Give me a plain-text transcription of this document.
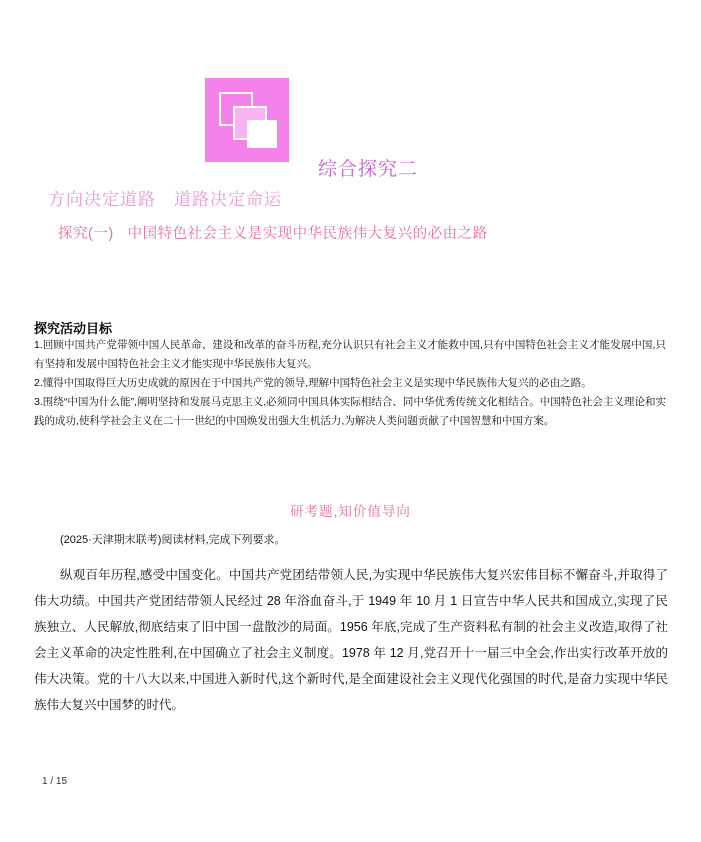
综合探究二
方向决定道路　道路决定命运
探究(一) 中国特色社会主义是实现中华民族伟大复兴的必由之路
探究活动目标

1.回顾中国共产党带领中国人民革命、建设和改革的奋斗历程,充分认识只有社会主义才能救中国,只有中国特色社会主义才能发展中国,只有坚持和发展中国特色社会主义才能实现中华民族伟大复兴。

2.懂得中国取得巨大历史成就的原因在于中国共产党的领导,理解中国特色社会主义是实现中华民族伟大复兴的必由之路。

3.围绕“中国为什么能”,阐明坚持和发展马克思主义,必须同中国具体实际相结合、同中华优秀传统文化相结合。中国特色社会主义理论和实践的成功,使科学社会主义在二十一世纪的中国焕发出强大生机活力,为解决人类问题贡献了中国智慧和中国方案。

研考题,知价值导向
(2025·天津期末联考)阅读材料,完成下列要求。
纵观百年历程,感受中国变化。中国共产党团结带领人民,为实现中华民族伟大复兴宏伟目标不懈奋斗,并取得了伟大功绩。中国共产党团结带领人民经过 28 年浴血奋斗,于 1949 年 10 月 1 日宣告中华人民共和国成立,实现了民族独立、人民解放,彻底结束了旧中国一盘散沙的局面。1956 年底,完成了生产资料私有制的社会主义改造,取得了社会主义革命的决定性胜利,在中国确立了社会主义制度。1978 年 12 月,党召开十一届三中全会,作出实行改革开放的伟大决策。党的十八大以来,中国进入新时代,这个新时代,是全面建设社会主义现代化强国的时代,是奋力实现中华民族伟大复兴中国梦的时代。
1 / 15
